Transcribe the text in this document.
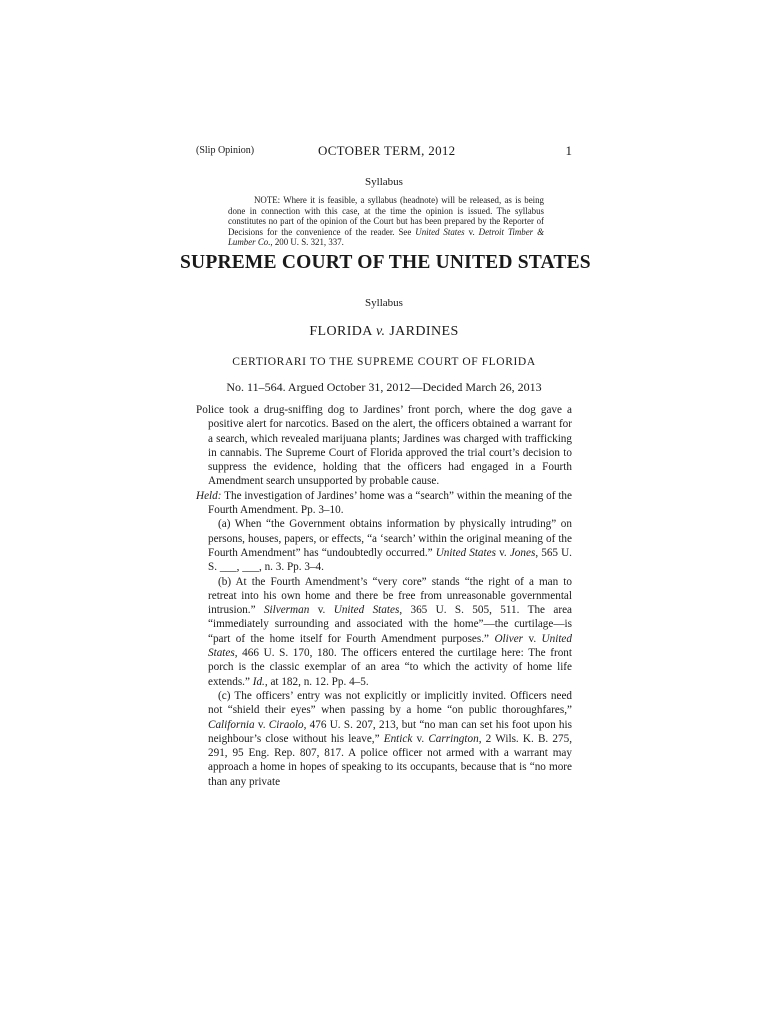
(Slip Opinion)	OCTOBER TERM, 2012	1
Syllabus

NOTE: Where it is feasible, a syllabus (headnote) will be released, as is being done in connection with this case, at the time the opinion is issued. The syllabus constitutes no part of the opinion of the Court but has been prepared by the Reporter of Decisions for the convenience of the reader. See United States v. Detroit Timber & Lumber Co., 200 U. S. 321, 337.

SUPREME COURT OF THE UNITED STATES
Syllabus
FLORIDA v. JARDINES
CERTIORARI TO THE SUPREME COURT OF FLORIDA
No. 11–564. Argued October 31, 2012—Decided March 26, 2013

Police took a drug-sniffing dog to Jardines’ front porch, where the dog gave a positive alert for narcotics. Based on the alert, the officers obtained a warrant for a search, which revealed marijuana plants; Jardines was charged with trafficking in cannabis. The Supreme Court of Florida approved the trial court’s decision to suppress the evidence, holding that the officers had engaged in a Fourth Amendment search unsupported by probable cause.

Held: The investigation of Jardines’ home was a “search” within the meaning of the Fourth Amendment. Pp. 3–10.

(a) When “the Government obtains information by physically intruding” on persons, houses, papers, or effects, “a ‘search’ within the original meaning of the Fourth Amendment” has “undoubtedly occurred.” United States v. Jones, 565 U. S. ___, ___, n. 3. Pp. 3–4.

(b) At the Fourth Amendment’s “very core” stands “the right of a man to retreat into his own home and there be free from unreasonable governmental intrusion.” Silverman v. United States, 365 U. S. 505, 511. The area “immediately surrounding and associated with the home”—the curtilage—is “part of the home itself for Fourth Amendment purposes.” Oliver v. United States, 466 U. S. 170, 180. The officers entered the curtilage here: The front porch is the classic exemplar of an area “to which the activity of home life extends.” Id., at 182, n. 12. Pp. 4–5.

(c) The officers’ entry was not explicitly or implicitly invited. Officers need not “shield their eyes” when passing by a home “on public thoroughfares,” California v. Ciraolo, 476 U. S. 207, 213, but “no man can set his foot upon his neighbour’s close without his leave,” Entick v. Carrington, 2 Wils. K. B. 275, 291, 95 Eng. Rep. 807, 817. A police officer not armed with a warrant may approach a home in hopes of speaking to its occupants, because that is “no more than any private
